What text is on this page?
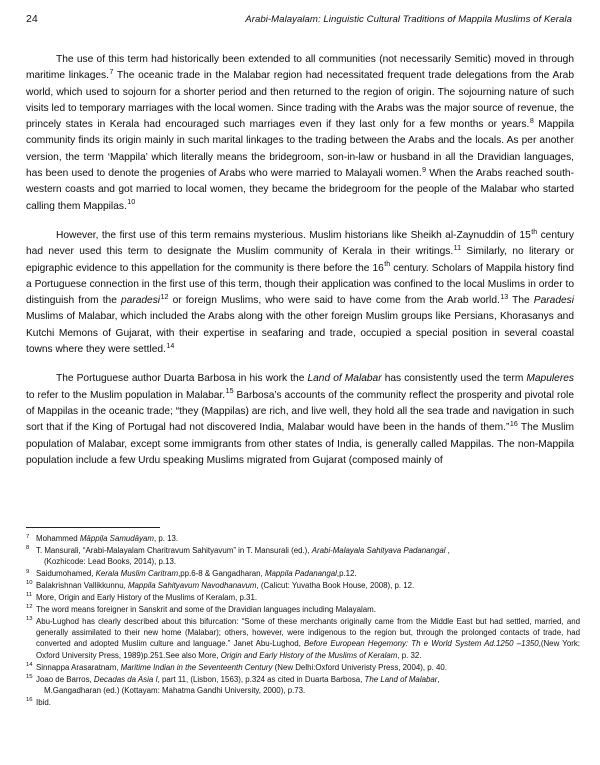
24	Arabi-Malayalam: Linguistic Cultural Traditions of Mappila Muslims of Kerala

The use of this term had historically been extended to all communities (not necessarily Semitic) moved in through maritime linkages.$^7$ The oceanic trade in the Malabar region had necessitated frequent trade delegations from the Arab world, which used to sojourn for a shorter period and then returned to the region of origin. The sojourning nature of such visits led to temporary marriages with the local women. Since trading with the Arabs was the major source of revenue, the princely states in Kerala had encouraged such marriages even if they last only for a few months or years.$^8$ Mappila community finds its origin mainly in such marital linkages to the trading between the Arabs and the locals. As per another version, the term ‘Mappila’ which literally means the bridegroom, son-in-law or husband in all the Dravidian languages, has been used to denote the progenies of Arabs who were married to Malayali women.$^9$ When the Arabs reached south-western coasts and got married to local women, they became the bridegroom for the people of the Malabar who started calling them Mappilas.$^{10}$

However, the first use of this term remains mysterious. Muslim historians like Sheikh al-Zaynuddin of 15th century had never used this term to designate the Muslim community of Kerala in their writings.$^{11}$ Similarly, no literary or epigraphic evidence to this appellation for the community is there before the 16th century. Scholars of Mappila history find a Portuguese connection in the first use of this term, though their application was confined to the local Muslims in order to distinguish from the paradesi$^{12}$ or foreign Muslims, who were said to have come from the Arab world.$^{13}$ The Paradesi Muslims of Malabar, which included the Arabs along with the other foreign Muslim groups like Persians, Khorasanys and Kutchi Memons of Gujarat, with their expertise in seafaring and trade, occupied a special position in several coastal towns where they were settled.$^{14}$

The Portuguese author Duarta Barbosa in his work the Land of Malabar has consistently used the term Mapuleres to refer to the Muslim population in Malabar.$^{15}$ Barbosa’s accounts of the community reflect the prosperity and pivotal role of Mappilas in the oceanic trade; “they (Mappilas) are rich, and live well, they hold all the sea trade and navigation in such sort that if the King of Portugal had not discovered India, Malabar would have been in the hands of them.”$^{16}$ The Muslim population of Malabar, except some immigrants from other states of India, is generally called Mappilas. The non-Mappila population include a few Urdu speaking Muslims migrated from Gujarat (composed mainly of

7 Mohammed Māppiḷa Samudāyam, p. 13.
8 T. Mansurali, “Arabi-Malayalam Charitravum Sahityavum” in T. Mansurali (ed.), Arabi-Malayala Sahityava Padanangal ,
(Kozhicode: Lead Books, 2014), p.13.
9 Saidumohamed, Kerala Muslim Caritram,pp.6-8 & Gangadharan, Mappila Padanangal,p.12.
10 Balakrishnan Vallikkunnu, Mappila Sahityavum Navodhanavum, (Calicut: Yuvatha Book House, 2008), p. 12.
11 More, Origin and Early History of the Muslims of Keralam, p.31.
12 The word means foreigner in Sanskrit and some of the Dravidian languages including Malayalam.
13 Abu-Lughod has clearly described about this bifurcation: “Some of these merchants originally came from the Middle East but had settled, married, and generally assimilated to their new home (Malabar); others, however, were indigenous to the region but, through the prolonged contacts of trade, had converted and adopted Muslim culture and language.” Janet Abu-Lughod, Before European Hegemony: Th e World System Ad.1250 –1350,(New York: Oxford University Press, 1989)p.251.See also More, Origin and Early History of the Muslims of Keralam, p. 32.
14 Sinnappa Arasaratnam, Maritime Indian in the Seventeenth Century (New Delhi:Oxford Univeristy Press, 2004), p. 40.
15 Joao de Barros, Decadas da Asia I, part 11, (Lisbon, 1563), p.324 as cited in Duarta Barbosa, The Land of Malabar,
M.Gangadharan (ed.) (Kottayam: Mahatma Gandhi University, 2000), p.73.
16 Ibid.
